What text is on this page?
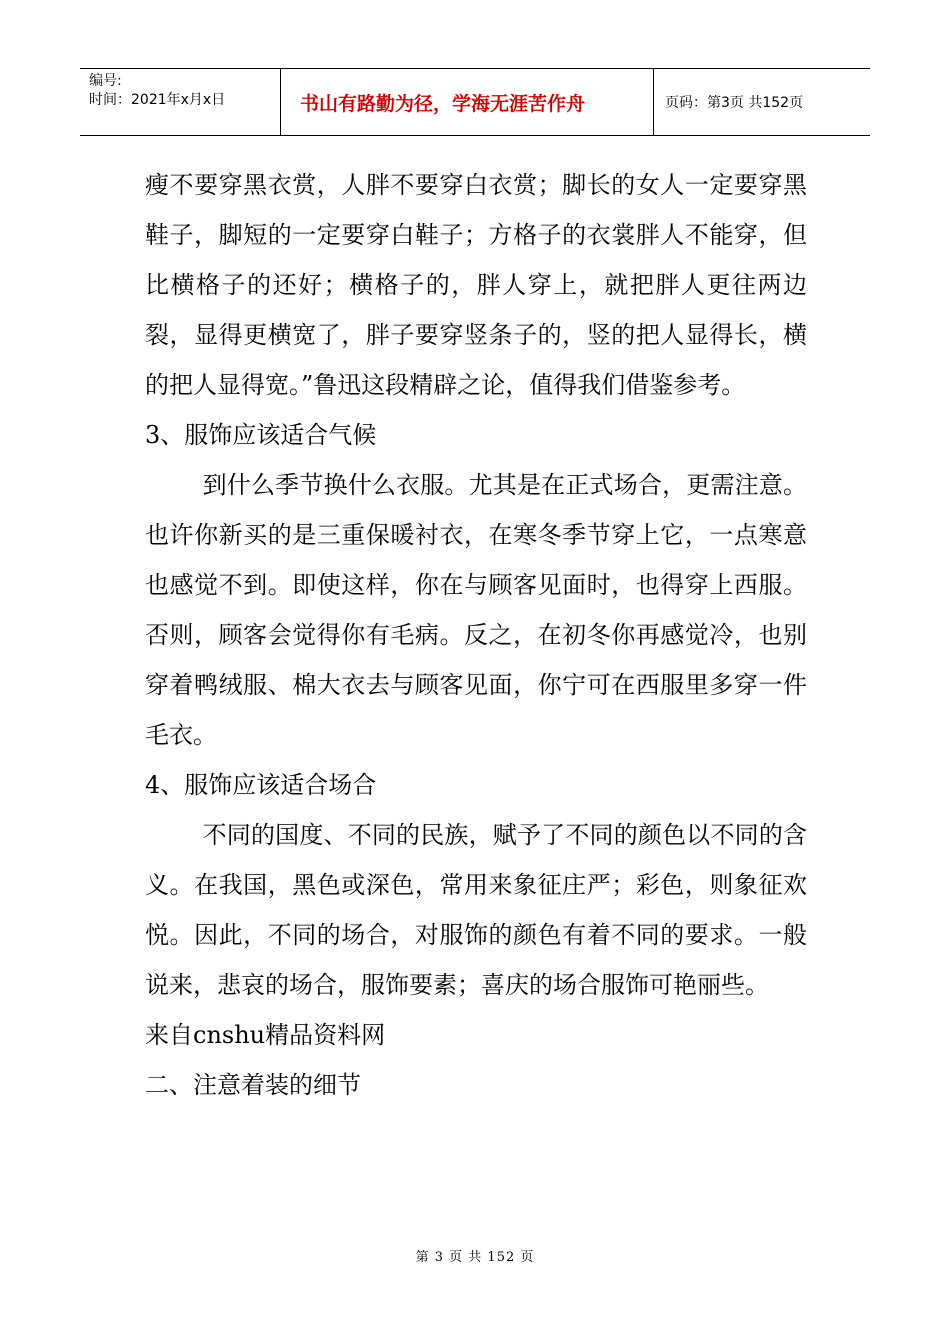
编号:
时间：2021年x月x日	书山有路勤为径，学海无涯苦作舟	页码：第3页 共152页

瘦不要穿黑衣赏，人胖不要穿白衣赏；脚长的女人一定要穿黑鞋子，脚短的一定要穿白鞋子；方格子的衣裳胖人不能穿，但比横格子的还好；横格子的，胖人穿上，就把胖人更往两边裂，显得更横宽了，胖子要穿竖条子的，竖的把人显得长，横的把人显得宽。”鲁迅这段精辟之论，值得我们借鉴参考。

3、服饰应该适合气候

到什么季节换什么衣服。尤其是在正式场合，更需注意。也许你新买的是三重保暖衬衣，在寒冬季节穿上它，一点寒意也感觉不到。即使这样，你在与顾客见面时，也得穿上西服。否则，顾客会觉得你有毛病。反之，在初冬你再感觉冷，也别穿着鸭绒服、棉大衣去与顾客见面，你宁可在西服里多穿一件毛衣。

4、服饰应该适合场合

不同的国度、不同的民族，赋予了不同的颜色以不同的含义。在我国，黑色或深色，常用来象征庄严；彩色，则象征欢悦。因此，不同的场合，对服饰的颜色有着不同的要求。一般说来，悲哀的场合，服饰要素；喜庆的场合服饰可艳丽些。

来自cnshu精品资料网

二、注意着装的细节

第 3 页 共 152 页
